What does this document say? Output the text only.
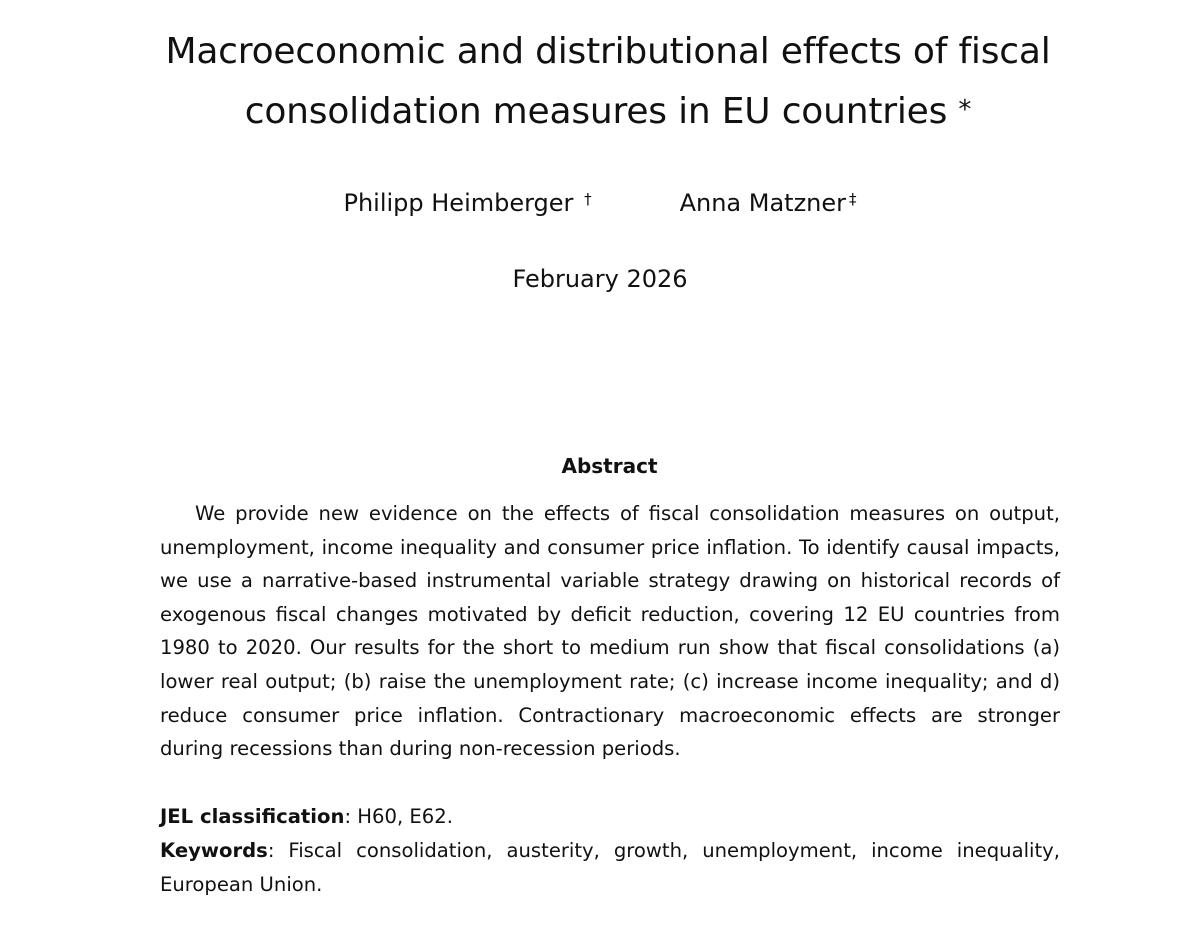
Macroeconomic and distributional effects of fiscal consolidation measures in EU countries *
Philipp Heimberger †	Anna Matzner ‡
February 2026
Abstract

We provide new evidence on the effects of fiscal consolidation measures on output, unemployment, income inequality and consumer price inflation. To identify causal impacts, we use a narrative-based instrumental variable strategy drawing on historical records of exogenous fiscal changes motivated by deficit reduction, covering 12 EU countries from 1980 to 2020. Our results for the short to medium run show that fiscal consolidations (a) lower real output; (b) raise the unemployment rate; (c) increase income inequality; and d) reduce consumer price inflation. Contractionary macroeconomic effects are stronger during recessions than during non-recession periods.

JEL classification: H60, E62.

Keywords: Fiscal consolidation, austerity, growth, unemployment, income inequality, European Union.
